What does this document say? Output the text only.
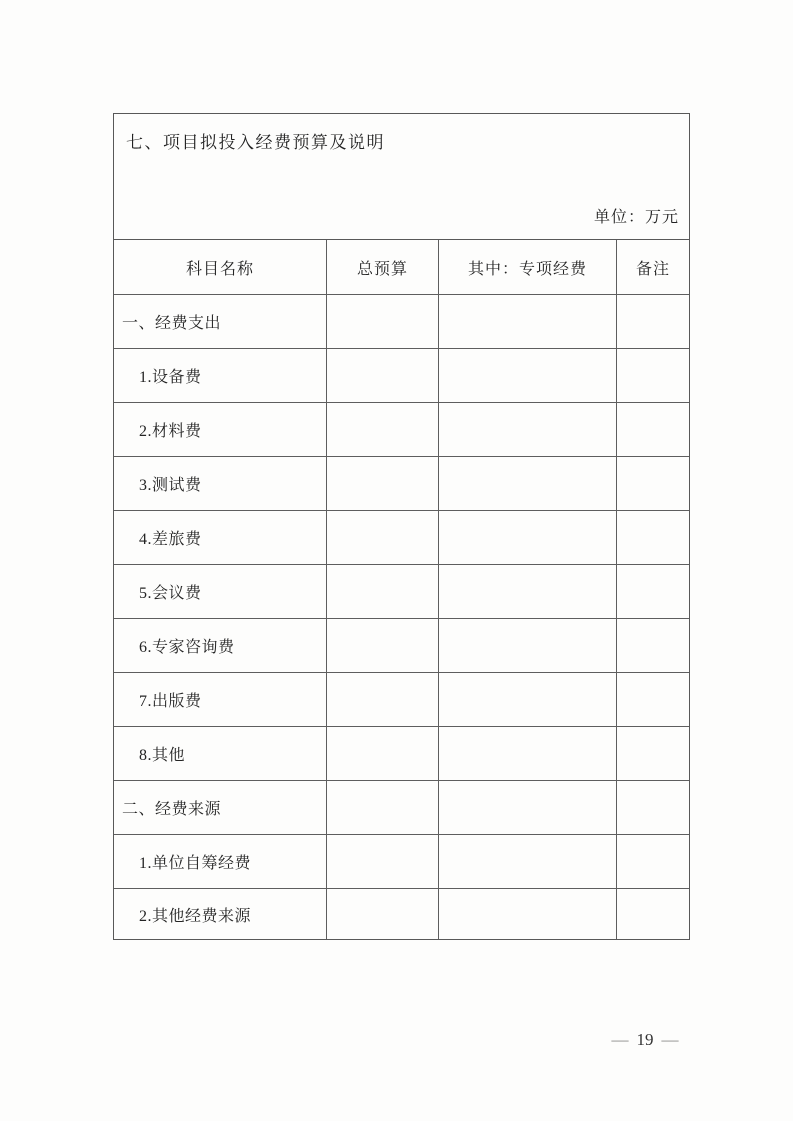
七、项目拟投入经费预算及说明
单位：万元
科目名称	总预算	其中：专项经费	备注
一、经费支出
1.设备费
2.材料费
3.测试费
4.差旅费
5.会议费
6.专家咨询费
7.出版费
8.其他
二、经费来源
1.单位自筹经费
2.其他经费来源
— 19 —
